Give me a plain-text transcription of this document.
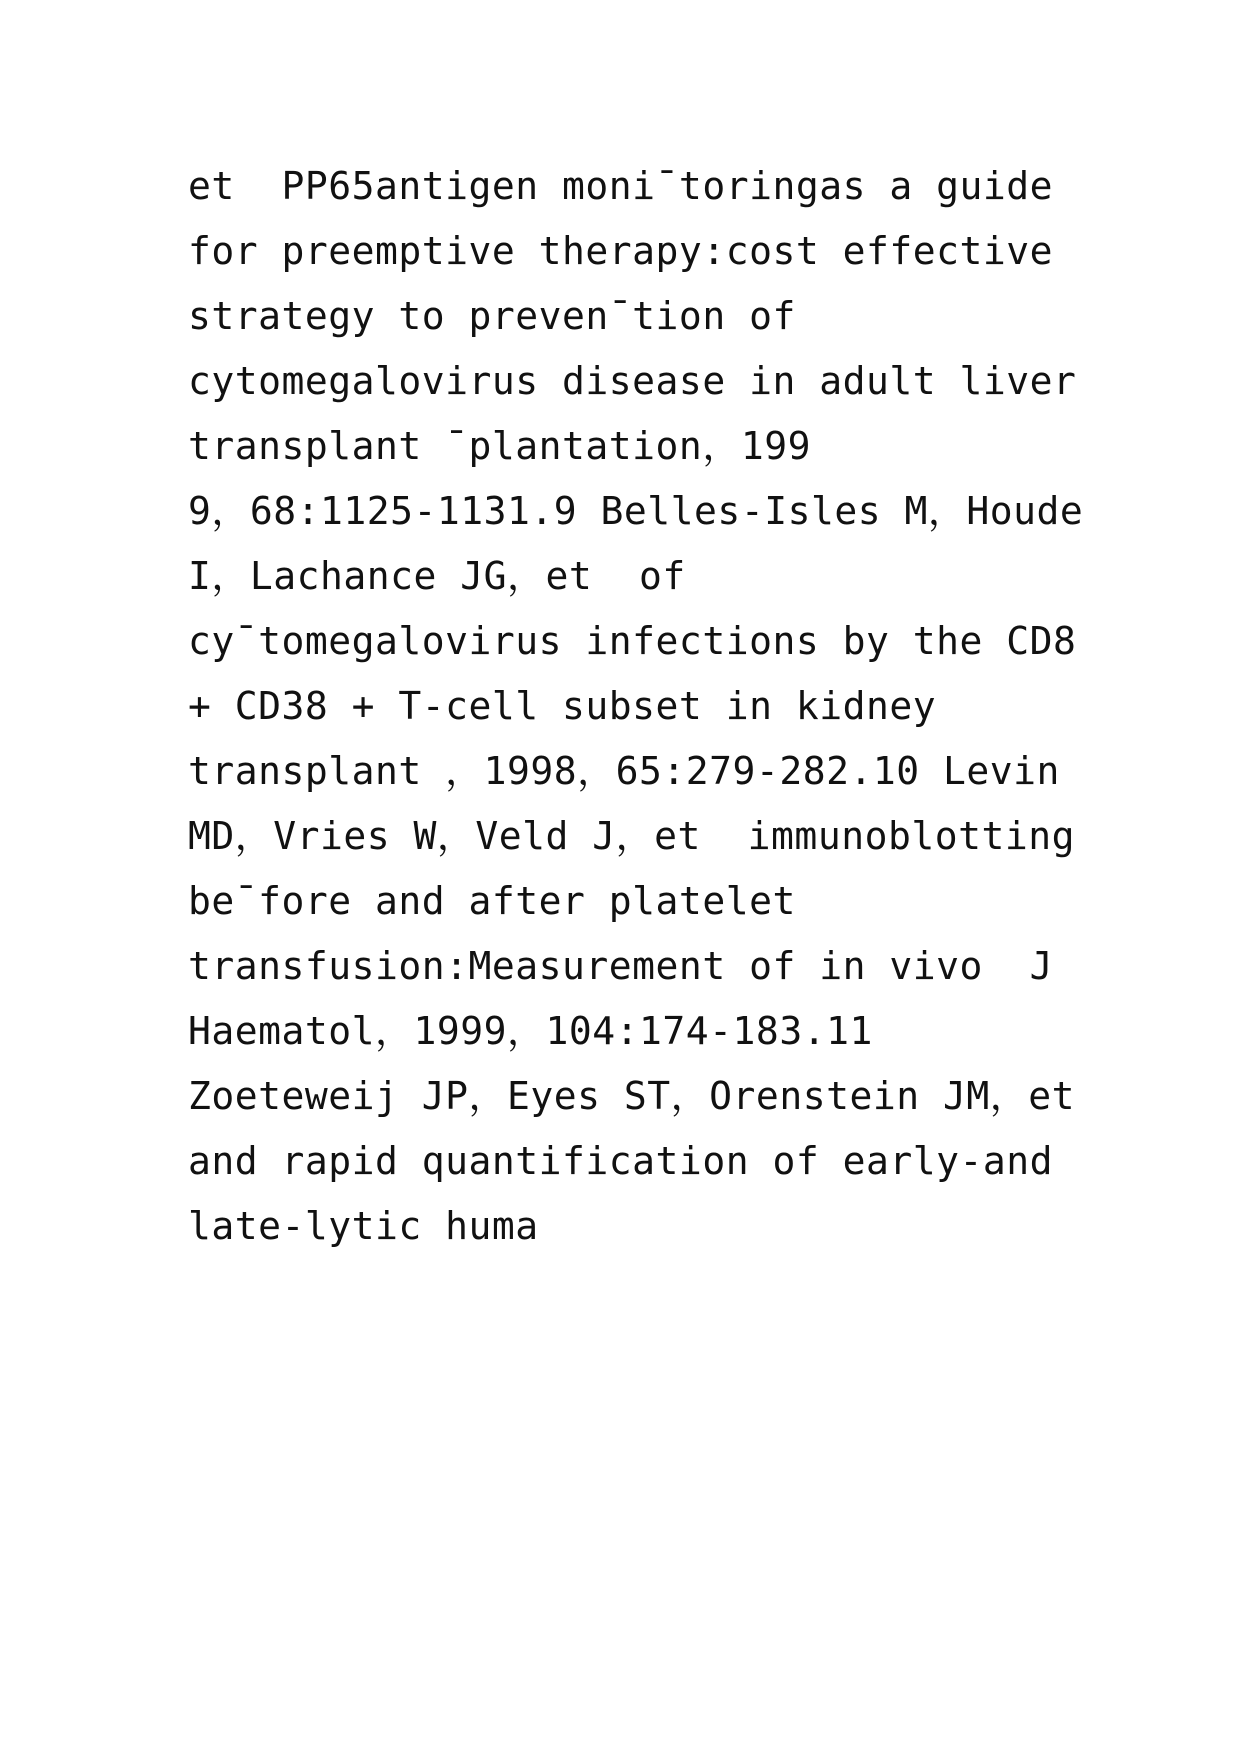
et  PP65antigen moni¯toringas a guide
for preemptive therapy:cost effective
strategy to preven¯tion of
cytomegalovirus disease in adult liver
transplant ¯plantation，199
9，68:1125-1131.9 Belles-Isles M，Houde
I，Lachance JG，et  of
cy¯tomegalovirus infections by the CD8
+ CD38 + T-cell subset in kidney
transplant ，1998，65:279-282.10 Levin
MD，Vries W，Veld J，et  immunoblotting
be¯fore and after platelet
transfusion:Measurement of in vivo  J
Haematol，1999，104:174-183.11
Zoeteweij JP，Eyes ST，Orenstein JM，et
and rapid quantification of early-and
late-lytic huma
